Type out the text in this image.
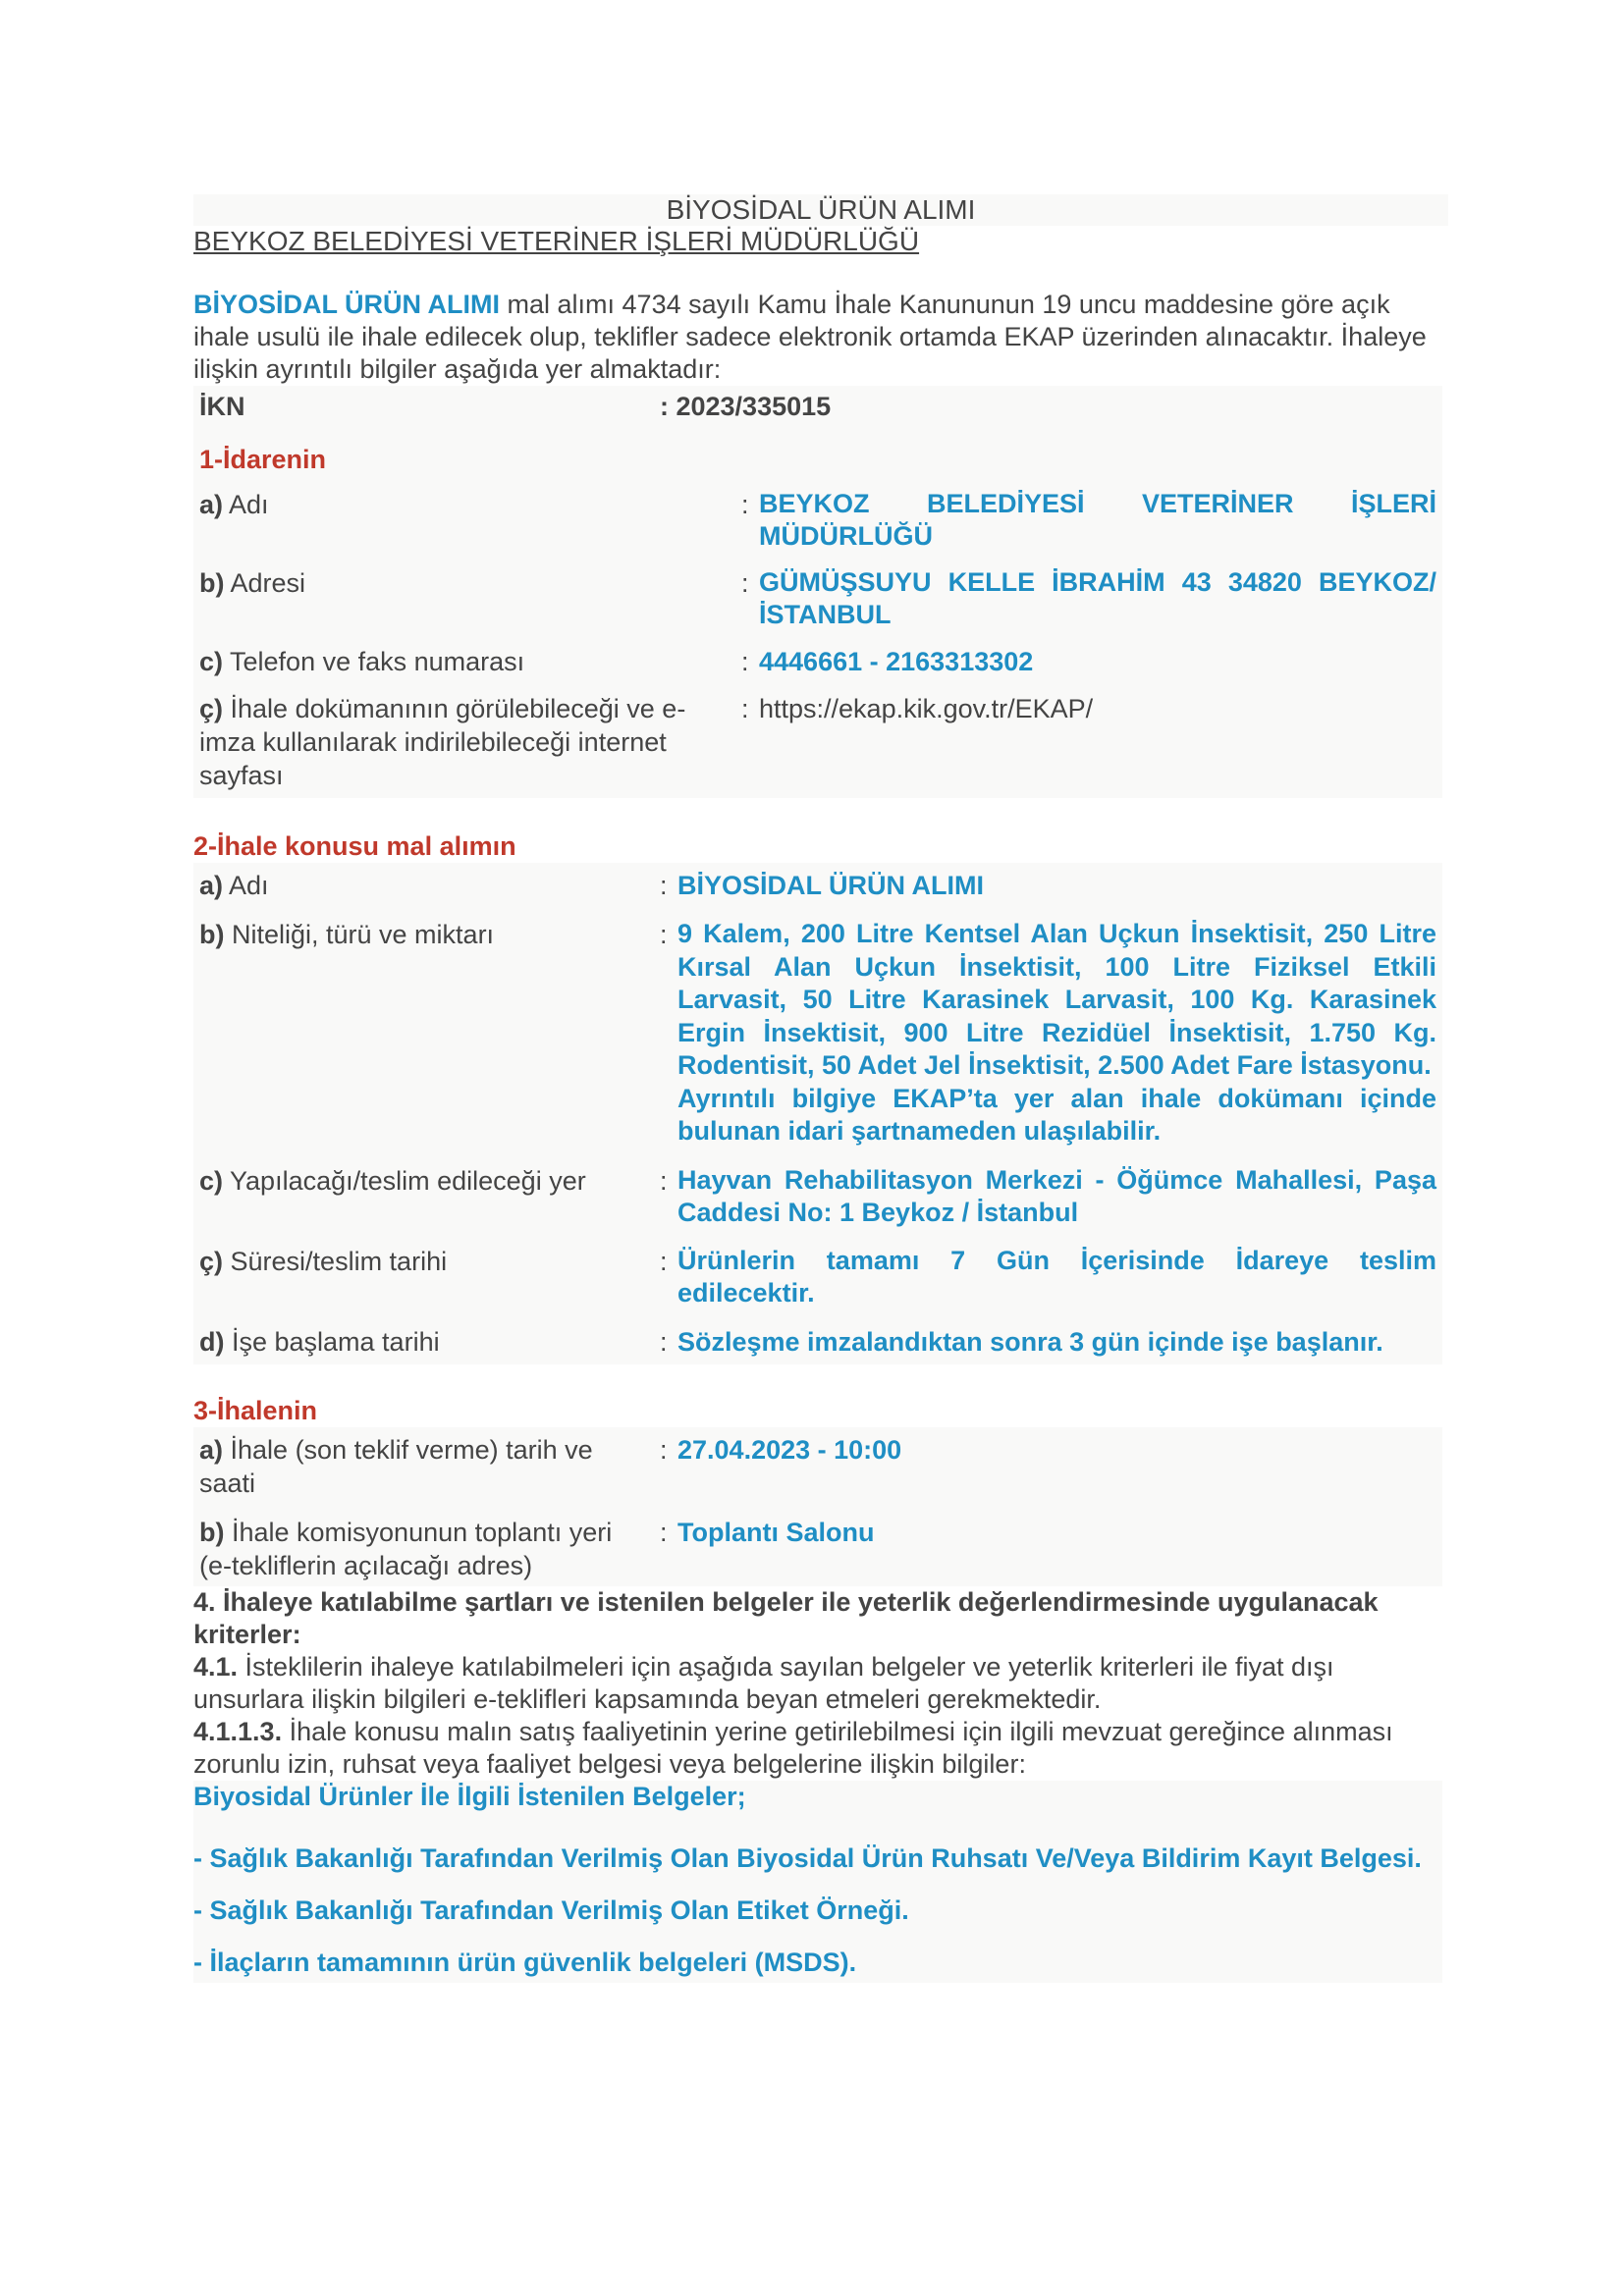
BİYOSİDAL ÜRÜN ALIMI
BEYKOZ BELEDİYESİ VETERİNER İŞLERİ MÜDÜRLÜĞÜ
BİYOSİDAL ÜRÜN ALIMI mal alımı 4734 sayılı Kamu İhale Kanununun 19 uncu maddesine göre açık ihale usulü ile ihale edilecek olup, teklifler sadece elektronik ortamda EKAP üzerinden alınacaktır. İhaleye ilişkin ayrıntılı bilgiler aşağıda yer almaktadır:
İKN	: 2023/335015
1-İdarenin
a) Adı	: BEYKOZ BELEDİYESİ VETERİNER İŞLERİ MÜDÜRLÜĞÜ
b) Adresi	: GÜMÜŞSUYU KELLE İBRAHİM 43 34820 BEYKOZ/İSTANBUL
c) Telefon ve faks numarası	: 4446661 - 2163313302
ç) İhale dokümanının görülebileceği ve e-imza kullanılarak indirilebileceği internet sayfası
: https://ekap.kik.gov.tr/EKAP/
2-İhale konusu mal alımın
a) Adı	: BİYOSİDAL ÜRÜN ALIMI
b) Niteliği, türü ve miktarı	: 9 Kalem, 200 Litre Kentsel Alan Uçkun İnsektisit, 250 Litre Kırsal Alan Uçkun İnsektisit, 100 Litre Fiziksel Etkili Larvasit, 50 Litre Karasinek Larvasit, 100 Kg. Karasinek Ergin İnsektisit, 900 Litre Rezidüel İnsektisit, 1.750 Kg. Rodentisit, 50 Adet Jel İnsektisit, 2.500 Adet Fare İstasyonu.
Ayrıntılı bilgiye EKAP’ta yer alan ihale dokümanı içinde bulunan idari şartnameden ulaşılabilir.
c) Yapılacağı/teslim edileceği yer	: Hayvan Rehabilitasyon Merkezi - Öğümce Mahallesi, Paşa Caddesi No: 1 Beykoz / İstanbul
ç) Süresi/teslim tarihi	: Ürünlerin tamamı 7 Gün İçerisinde İdareye teslim edilecektir.
d) İşe başlama tarihi	: Sözleşme imzalandıktan sonra 3 gün içinde işe başlanır.
3-İhalenin
a) İhale (son teklif verme) tarih ve saati
: 27.04.2023 - 10:00
b) İhale komisyonunun toplantı yeri (e-tekliflerin açılacağı adres)
: Toplantı Salonu
4. İhaleye katılabilme şartları ve istenilen belgeler ile yeterlik değerlendirmesinde uygulanacak kriterler:
4.1. İsteklilerin ihaleye katılabilmeleri için aşağıda sayılan belgeler ve yeterlik kriterleri ile fiyat dışı unsurlara ilişkin bilgileri e-teklifleri kapsamında beyan etmeleri gerekmektedir.
4.1.1.3. İhale konusu malın satış faaliyetinin yerine getirilebilmesi için ilgili mevzuat gereğince alınması zorunlu izin, ruhsat veya faaliyet belgesi veya belgelerine ilişkin bilgiler:
Biyosidal Ürünler İle İlgili İstenilen Belgeler;
- Sağlık Bakanlığı Tarafından Verilmiş Olan Biyosidal Ürün Ruhsatı Ve/Veya Bildirim Kayıt Belgesi.
- Sağlık Bakanlığı Tarafından Verilmiş Olan Etiket Örneği.
- İlaçların tamamının ürün güvenlik belgeleri (MSDS).
